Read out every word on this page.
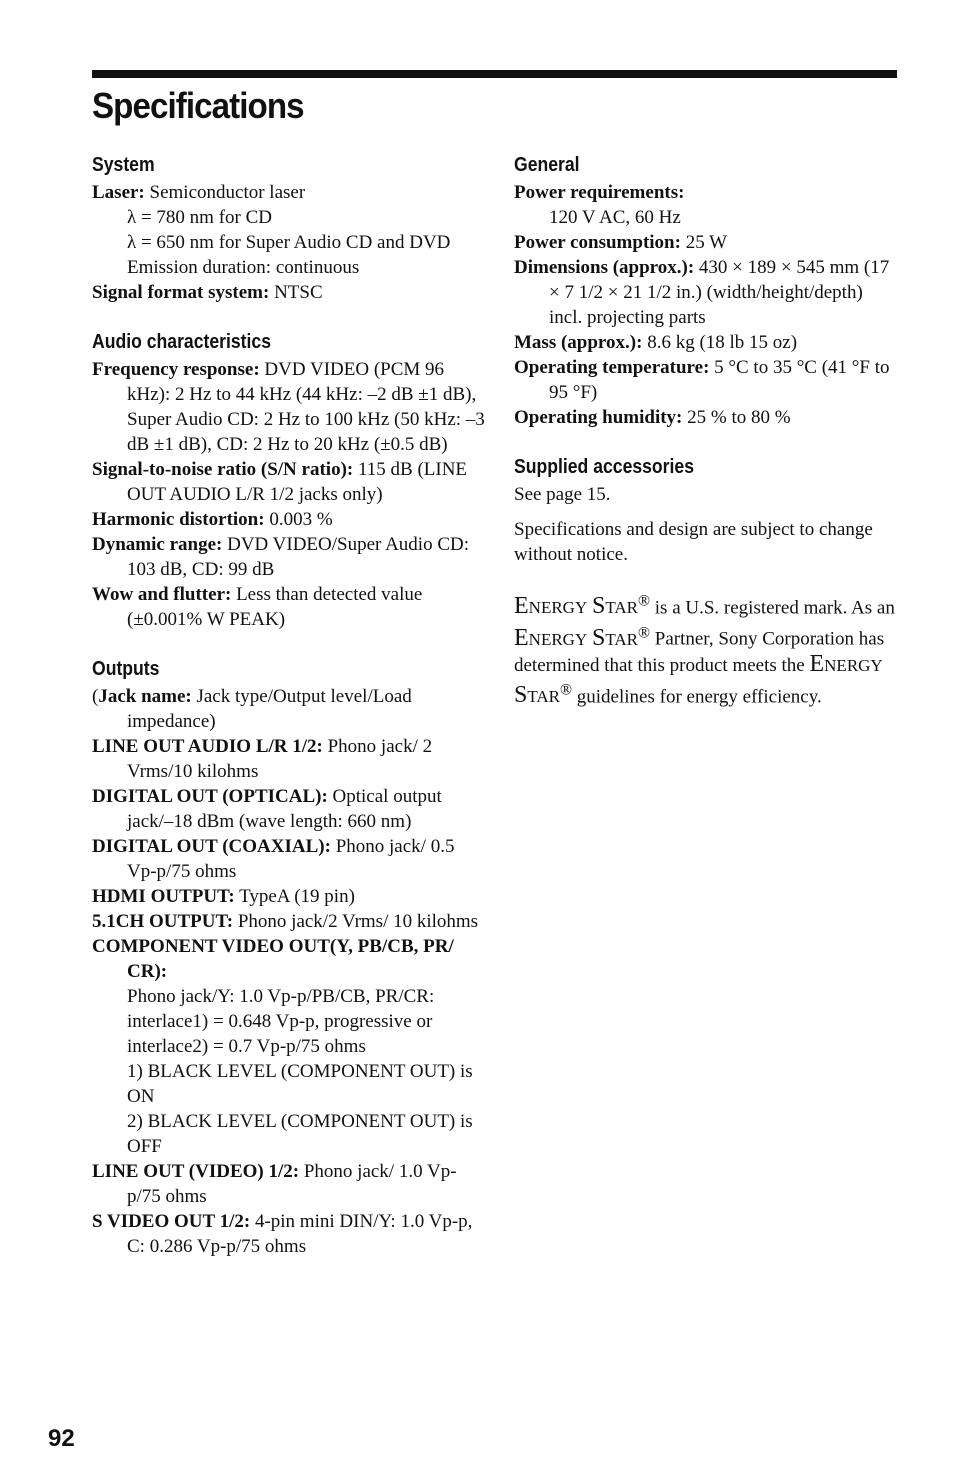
Specifications
System
Laser: Semiconductor laser
λ = 780 nm for CD
λ = 650 nm for Super Audio CD and DVD
Emission duration: continuous
Signal format system: NTSC
Audio characteristics
Frequency response: DVD VIDEO (PCM 96 kHz): 2 Hz to 44 kHz (44 kHz: –2 dB ±1 dB), Super Audio CD: 2 Hz to 100 kHz (50 kHz: –3 dB ±1 dB), CD: 2 Hz to 20 kHz (±0.5 dB)
Signal-to-noise ratio (S/N ratio): 115 dB (LINE OUT AUDIO L/R 1/2 jacks only)
Harmonic distortion: 0.003 %
Dynamic range: DVD VIDEO/Super Audio CD: 103 dB, CD: 99 dB
Wow and flutter: Less than detected value (±0.001% W PEAK)
Outputs
(Jack name: Jack type/Output level/Load impedance)
LINE OUT AUDIO L/R 1/2: Phono jack/ 2 Vrms/10 kilohms
DIGITAL OUT (OPTICAL): Optical output jack/–18 dBm (wave length: 660 nm)
DIGITAL OUT (COAXIAL): Phono jack/ 0.5 Vp-p/75 ohms
HDMI OUTPUT: TypeA (19 pin)
5.1CH OUTPUT: Phono jack/2 Vrms/ 10 kilohms
COMPONENT VIDEO OUT(Y, PB/CB, PR/ CR):
Phono jack/Y: 1.0 Vp-p/PB/CB, PR/CR: interlace1) = 0.648 Vp-p, progressive or interlace2) = 0.7 Vp-p/75 ohms
1) BLACK LEVEL (COMPONENT OUT) is ON
2) BLACK LEVEL (COMPONENT OUT) is OFF
LINE OUT (VIDEO) 1/2: Phono jack/ 1.0 Vp-p/75 ohms
S VIDEO OUT 1/2: 4-pin mini DIN/Y: 1.0 Vp-p, C: 0.286 Vp-p/75 ohms
General
Power requirements:
120 V AC, 60 Hz
Power consumption: 25 W
Dimensions (approx.): 430 × 189 × 545 mm (17 × 7 1/2 × 21 1/2 in.) (width/height/depth) incl. projecting parts
Mass (approx.): 8.6 kg (18 lb 15 oz)
Operating temperature: 5 °C to 35 °C (41 °F to 95 °F)
Operating humidity: 25 % to 80 %
Supplied accessories
See page 15.
Specifications and design are subject to change without notice.
ENERGY STAR® is a U.S. registered mark. As an ENERGY STAR® Partner, Sony Corporation has determined that this product meets the ENERGY STAR® guidelines for energy efficiency.
92
